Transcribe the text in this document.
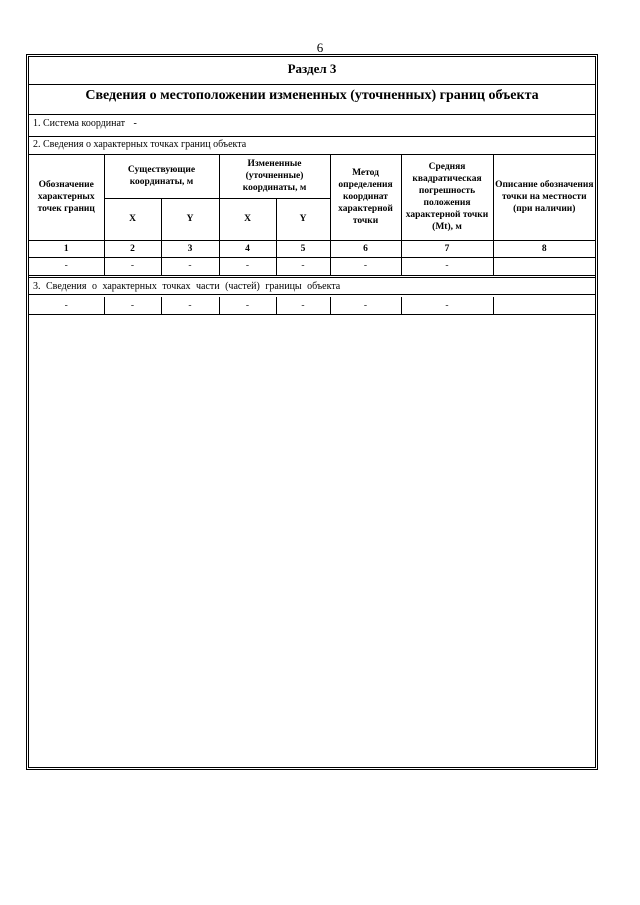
6
Раздел 3
Сведения о местоположении измененных (уточненных) границ объекта
1. Система координат -
2. Сведения о характерных точках границ объекта
Обозначение характерных точек границ	Существующие координаты, м		Измененные (уточненные) координаты, м		Метод определения координат характерной точки	Средняя квадратическая погрешность положения характерной точки (Mt), м	Описание обозначения точки на местности (при наличии)
	X	Y	X	Y			
1	2	3	4	5	6	7	8
-	-	-	-	-	-	-	
3. Сведения о характерных точках части (частей) границы объекта
-	-	-	-	-	-	-	
